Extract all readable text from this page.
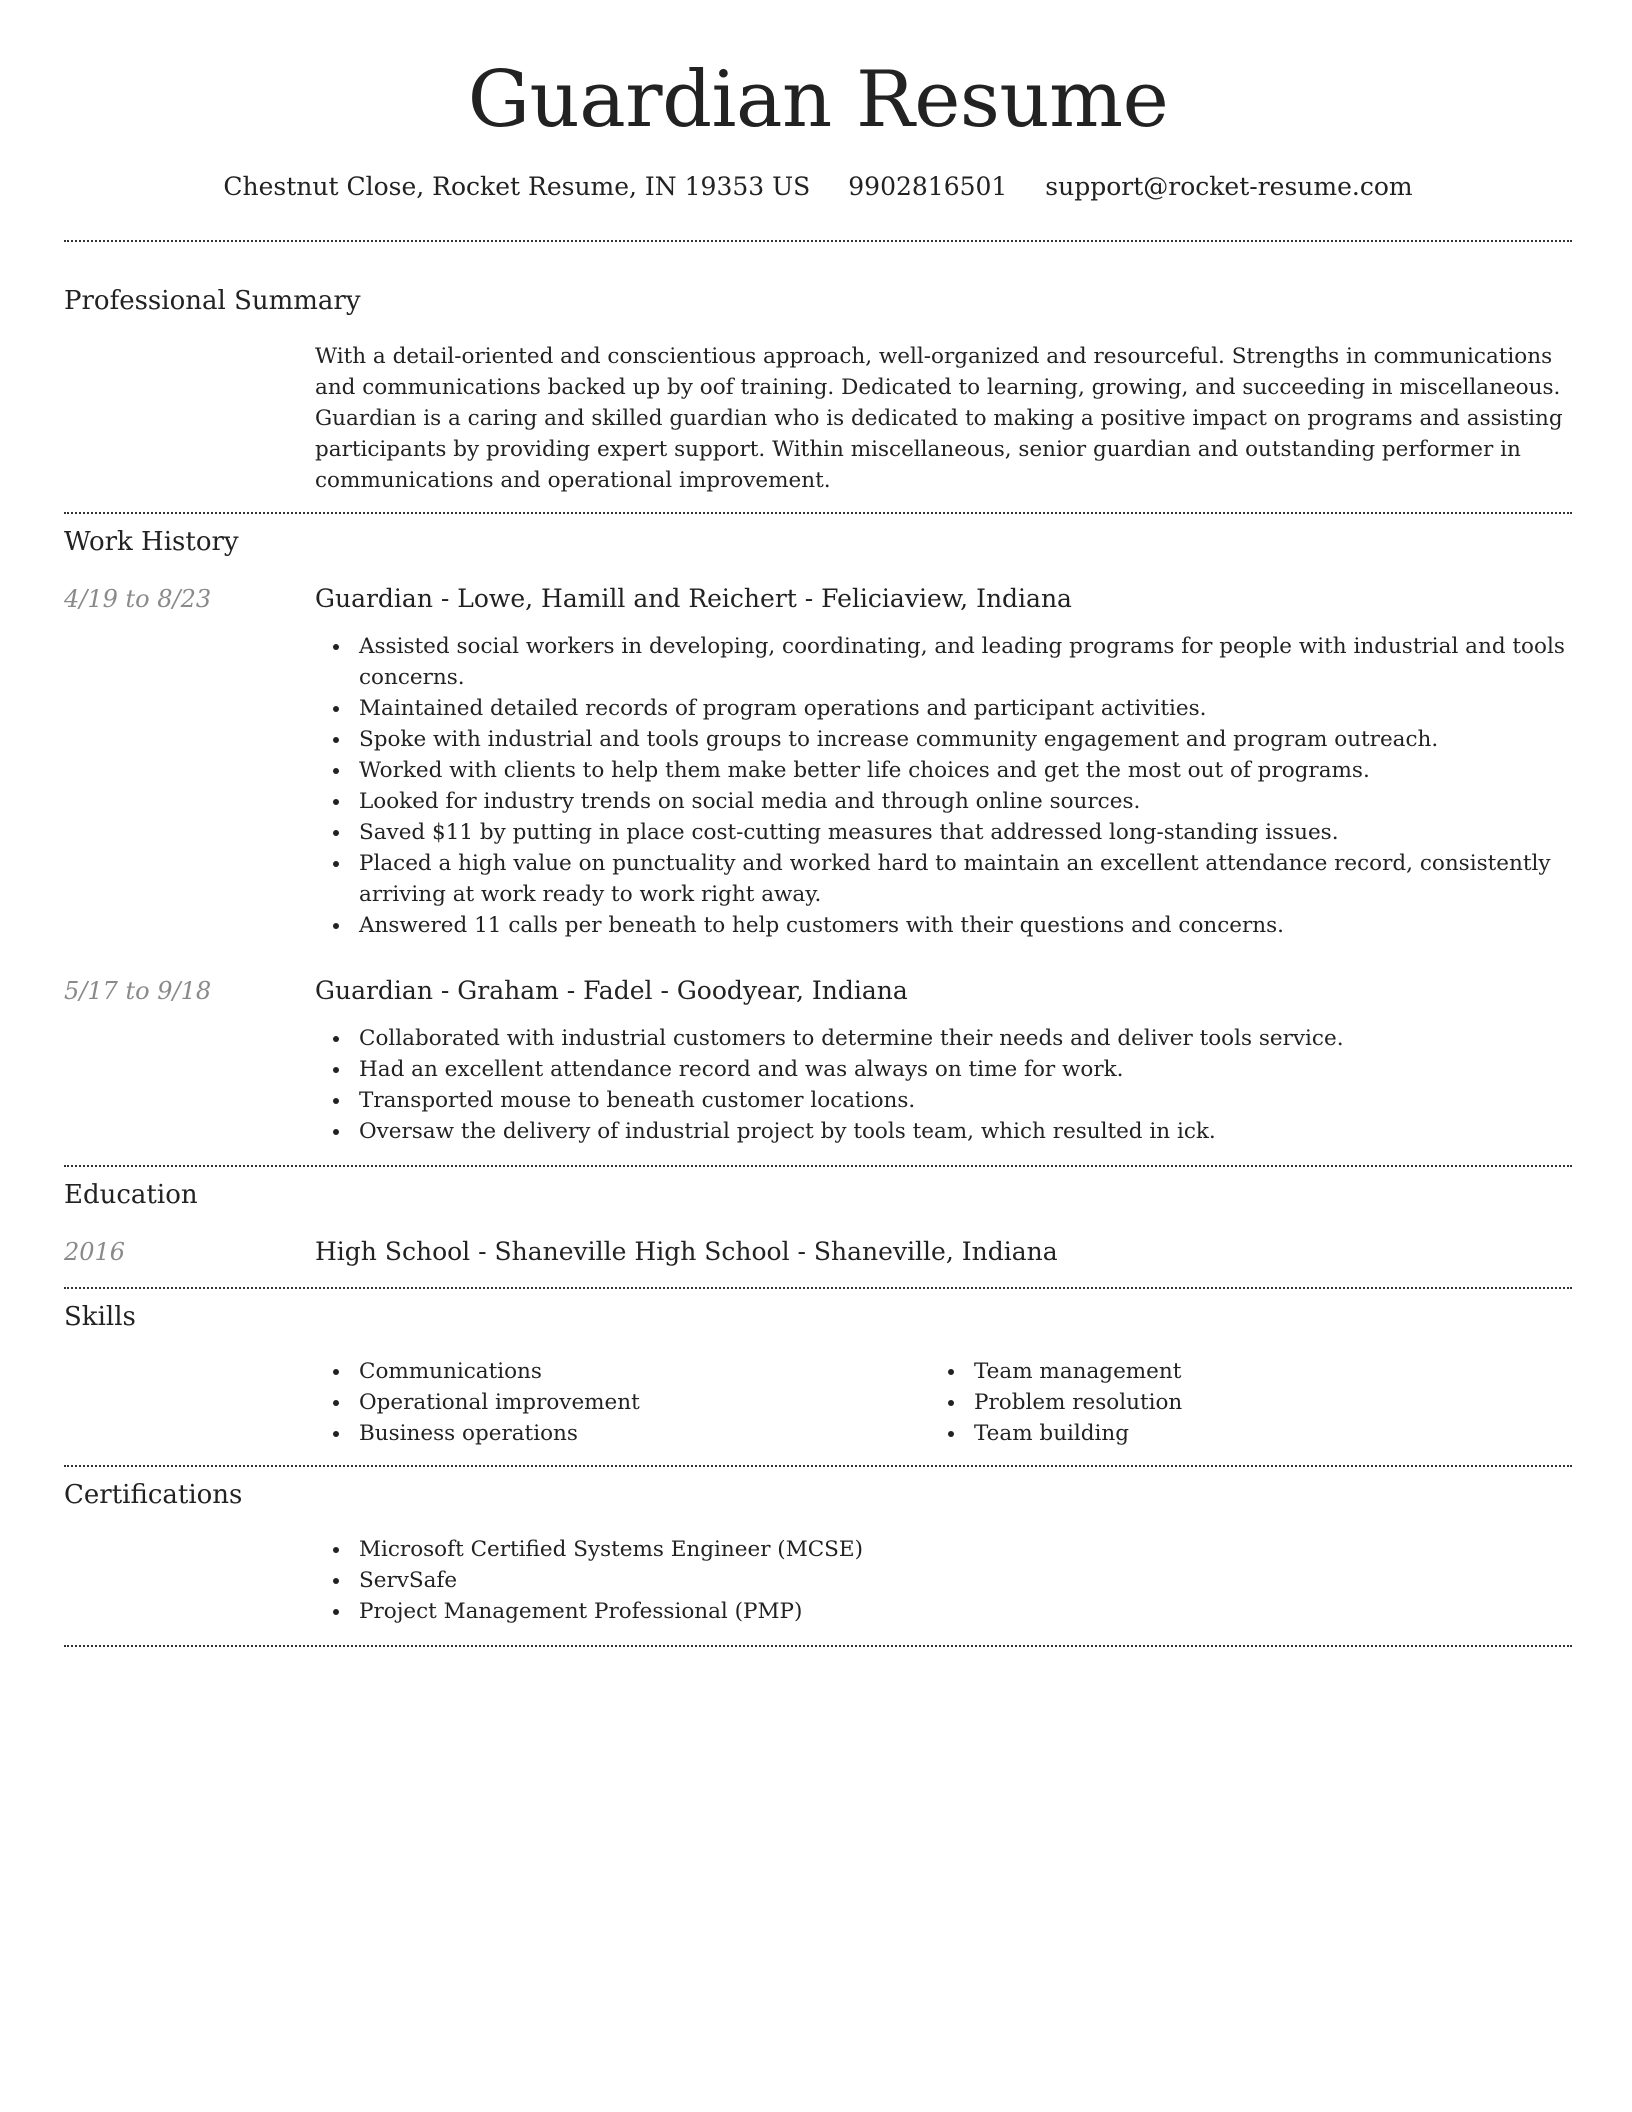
Guardian Resume
Chestnut Close, Rocket Resume, IN 19353 US 9902816501 support@rocket-resume.com
Professional Summary

With a detail-oriented and conscientious approach, well-organized and resourceful. Strengths in communications and communications backed up by oof training. Dedicated to learning, growing, and succeeding in miscellaneous. Guardian is a caring and skilled guardian who is dedicated to making a positive impact on programs and assisting participants by providing expert support. Within miscellaneous, senior guardian and outstanding performer in communications and operational improvement.

Work History
4/19 to 8/23	Guardian - Lowe, Hamill and Reichert - Feliciaview, Indiana

Assisted social workers in developing, coordinating, and leading programs for people with industrial and tools concerns.
Maintained detailed records of program operations and participant activities.
Spoke with industrial and tools groups to increase community engagement and program outreach.
Worked with clients to help them make better life choices and get the most out of programs.
Looked for industry trends on social media and through online sources.
Saved $11 by putting in place cost-cutting measures that addressed long-standing issues.
Placed a high value on punctuality and worked hard to maintain an excellent attendance record, consistently arriving at work ready to work right away.
Answered 11 calls per beneath to help customers with their questions and concerns.
5/17 to 9/18	Guardian - Graham - Fadel - Goodyear, Indiana

Collaborated with industrial customers to determine their needs and deliver tools service.
Had an excellent attendance record and was always on time for work.
Transported mouse to beneath customer locations.
Oversaw the delivery of industrial project by tools team, which resulted in ick.
Education
2016	High School - Shaneville High School - Shaneville, Indiana

Skills
Communications
Operational improvement
Business operations
Team management
Problem resolution
Team building
Certifications
Microsoft Certified Systems Engineer (MCSE)
ServSafe
Project Management Professional (PMP)
